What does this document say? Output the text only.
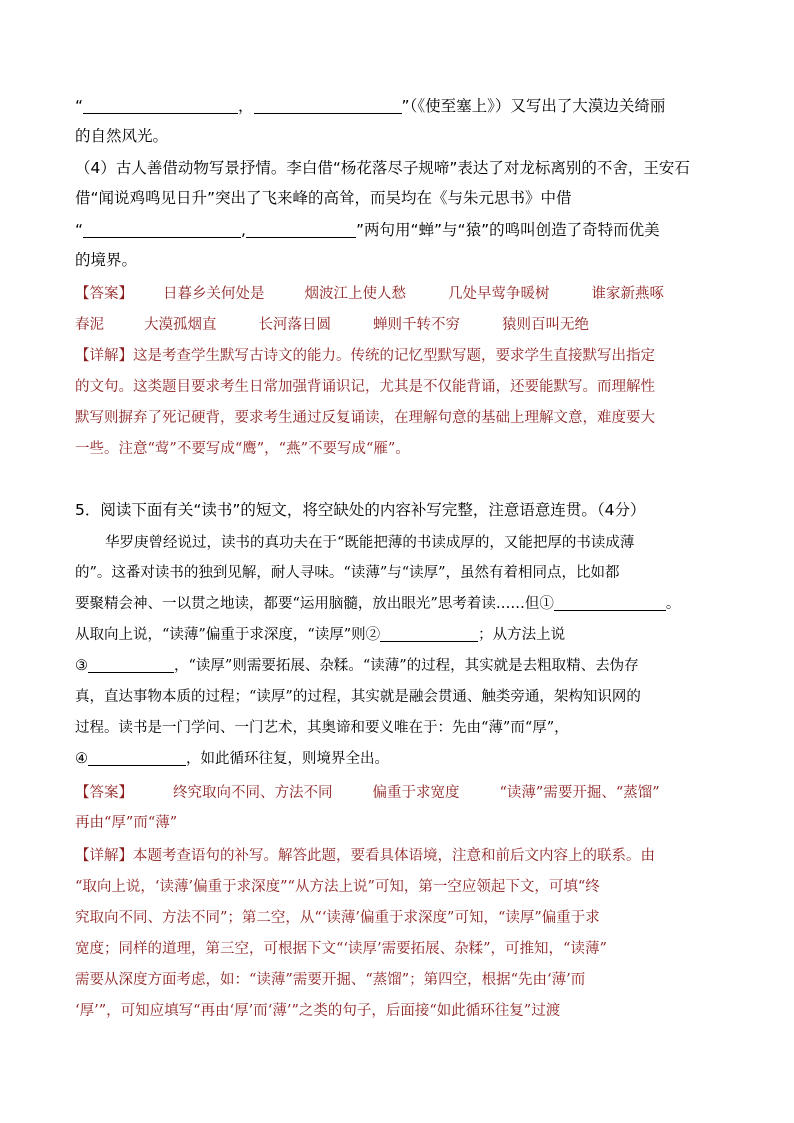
“	，	”（《使至塞上》）又写出了大漠边关绮丽
的自然风光。
（4）古人善借动物写景抒情。李白借“杨花落尽子规啼”表达了对龙标离别的不舍，王安石
借“闻说鸡鸣见日升”突出了飞来峰的高耸，而吴均在《与朱元思书》中借
“	,	”两句用“蝉”与“猿”的鸣叫创造了奇特而优美
的境界。
【答案】 日暮乡关何处是	烟波江上使人愁	几处早莺争暖树	谁家新燕啄
春泥	大漠孤烟直	长河落日圆	蝉则千转不穷	猿则百叫无绝
【详解】这是考查学生默写古诗文的能力。传统的记忆型默写题，要求学生直接默写出指定
的文句。这类题目要求考生日常加强背诵识记，尤其是不仅能背诵，还要能默写。而理解性
默写则摒弃了死记硬背，要求考生通过反复诵读，在理解句意的基础上理解文意，难度要大
一些。注意“莺”不要写成“鹰”，“燕”不要写成“雁”。
5．阅读下面有关“读书”的短文，将空缺处的内容补写完整，注意语意连贯。（4分）
华罗庚曾经说过，读书的真功夫在于“既能把薄的书读成厚的，又能把厚的书读成薄
的”。这番对读书的独到见解，耐人寻味。“读薄”与“读厚”，虽然有着相同点，比如都
要聚精会神、一以贯之地读，都要“运用脑髓，放出眼光”思考着读……但①	。
从取向上说，“读薄”偏重于求深度，“读厚”则②	；从方法上说
③	，“读厚”则需要拓展、杂糅。“读薄”的过程，其实就是去粗取精、去伪存
真，直达事物本质的过程；“读厚”的过程，其实就是融会贯通、触类旁通，架构知识网的
过程。读书是一门学问、一门艺术，其奥谛和要义唯在于：先由“薄”而“厚”，
④	，如此循环往复，则境界全出。
【答案】	终究取向不同、方法不同	偏重于求宽度	“读薄”需要开掘、“蒸馏”
再由“厚”而“薄”
【详解】本题考查语句的补写。解答此题，要看具体语境，注意和前后文内容上的联系。由
“取向上说，‘读薄’偏重于求深度”“从方法上说”可知，第一空应领起下文，可填“终
究取向不同、方法不同”；第二空，从“‘读薄’偏重于求深度”可知，“读厚”偏重于求
宽度；同样的道理，第三空，可根据下文“‘读厚’需要拓展、杂糅”，可推知，“读薄”
需要从深度方面考虑，如：“读薄”需要开掘、“蒸馏”；第四空，根据“先由‘薄’而
‘厚’”，可知应填写“再由‘厚’而‘薄’”之类的句子，后面接“如此循环往复”过渡
